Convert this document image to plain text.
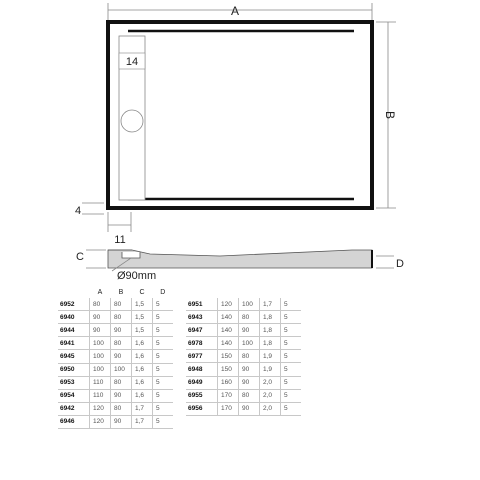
A
B
14
4
11
C
D
Ø90mm
	A	B	C	D
6952	80	80	1,5	5
6940	90	80	1,5	5
6944	90	90	1,5	5
6941	100	80	1,6	5
6945	100	90	1,6	5
6950	100	100	1,6	5
6953	110	80	1,6	5
6954	110	90	1,6	5
6942	120	80	1,7	5
6946	120	90	1,7	5
6951	120	100	1,7	5
6943	140	80	1,8	5
6947	140	90	1,8	5
6978	140	100	1,8	5
6977	150	80	1,9	5
6948	150	90	1,9	5
6949	160	90	2,0	5
6955	170	80	2,0	5
6956	170	90	2,0	5
